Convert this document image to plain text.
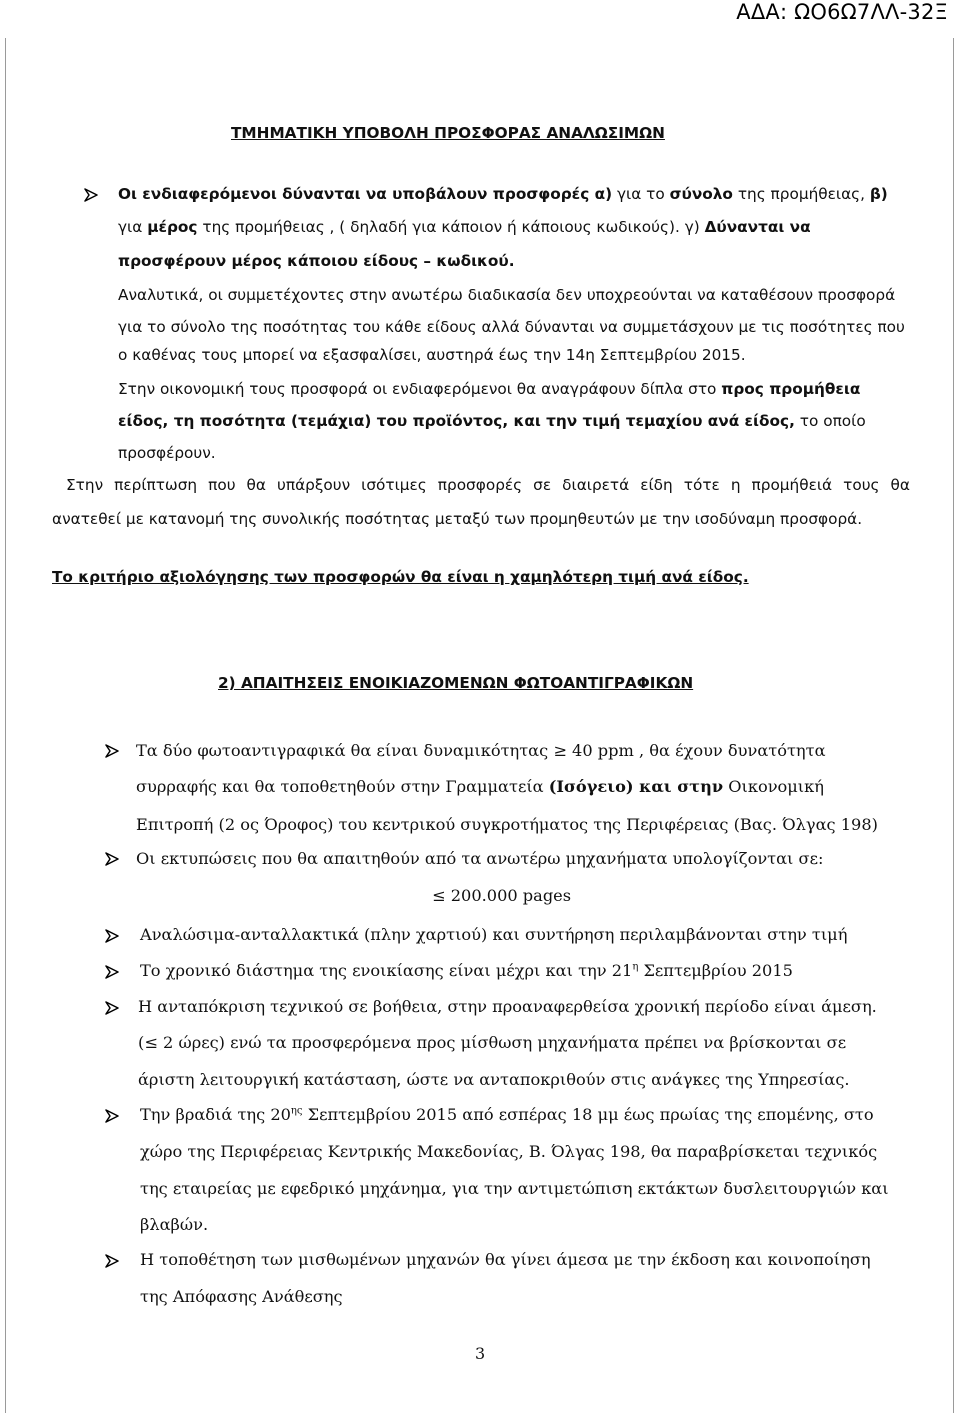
ΑΔΑ: ΩΟ6Ω7ΛΛ-32Ξ
ΤΜΗΜΑΤΙΚΗ ΥΠΟΒΟΛΗ ΠΡΟΣΦΟΡΑΣ ΑΝΑΛΩΣΙΜΩΝ
Οι ενδιαφερόμενοι δύνανται να υποβάλουν προσφορές α) για το σύνολο της προμήθειας, β)
για μέρος της προμήθειας , ( δηλαδή για κάποιον ή κάποιους κωδικούς). γ) Δύνανται να
προσφέρουν μέρος κάποιου είδους – κωδικού.
Αναλυτικά, οι συμμετέχοντες στην ανωτέρω διαδικασία δεν υποχρεούνται να καταθέσουν προσφορά
για το σύνολο της ποσότητας του κάθε είδους αλλά δύνανται να συμμετάσχουν με τις ποσότητες που
ο καθένας τους μπορεί να εξασφαλίσει, αυστηρά έως την 14η Σεπτεμβρίου 2015.
Στην οικονομική τους προσφορά οι ενδιαφερόμενοι θα αναγράφουν δίπλα στο προς προμήθεια
είδος, τη ποσότητα (τεμάχια) του προϊόντος, και την τιμή τεμαχίου ανά είδος, το οποίο
προσφέρουν.
Στην περίπτωση που θα υπάρξουν ισότιμες προσφορές σε διαιρετά είδη τότε η προμήθειά τους θα
ανατεθεί με κατανομή της συνολικής ποσότητας μεταξύ των προμηθευτών με την ισοδύναμη προσφορά.
Το κριτήριο αξιολόγησης των προσφορών θα είναι η χαμηλότερη τιμή ανά είδος.
2) ΑΠΑΙΤΗΣΕΙΣ ΕΝΟΙΚΙΑΖΟΜΕΝΩΝ ΦΩΤΟΑΝΤΙΓΡΑΦΙΚΩΝ
Τα δύο φωτοαντιγραφικά θα είναι δυναμικότητας ≥ 40 ppm , θα έχουν δυνατότητα
συρραφής και θα τοποθετηθούν στην Γραμματεία (Ισόγειο) και στην Οικονομική
Επιτροπή (2 ος Όροφος) του κεντρικού συγκροτήματος της Περιφέρειας (Βας. Όλγας 198)
Οι εκτυπώσεις που θα απαιτηθούν από τα ανωτέρω μηχανήματα υπολογίζονται σε:
≤ 200.000 pages
Αναλώσιμα-ανταλλακτικά (πλην χαρτιού) και συντήρηση περιλαμβάνονται στην τιμή
Το χρονικό διάστημα της ενοικίασης είναι μέχρι και την $21^\eta$ Σεπτεμβρίου 2015
Η ανταπόκριση τεχνικού σε βοήθεια, στην προαναφερθείσα χρονική περίοδο είναι άμεση.
(≤ 2 ώρες) ενώ τα προσφερόμενα προς μίσθωση μηχανήματα πρέπει να βρίσκονται σε
άριστη λειτουργική κατάσταση, ώστε να ανταποκριθούν στις ανάγκες της Υπηρεσίας.
Την βραδιά της $20^{\eta\varsigma}$ Σεπτεμβρίου 2015 από εσπέρας 18 μμ έως πρωίας της επομένης, στο
χώρο της Περιφέρειας Κεντρικής Μακεδονίας, Β. Όλγας 198, θα παραβρίσκεται τεχνικός
της εταιρείας με εφεδρικό μηχάνημα, για την αντιμετώπιση εκτάκτων δυσλειτουργιών και
βλαβών.
Η τοποθέτηση των μισθωμένων μηχανών θα γίνει άμεσα με την έκδοση και κοινοποίηση
της Απόφασης Ανάθεσης
3
